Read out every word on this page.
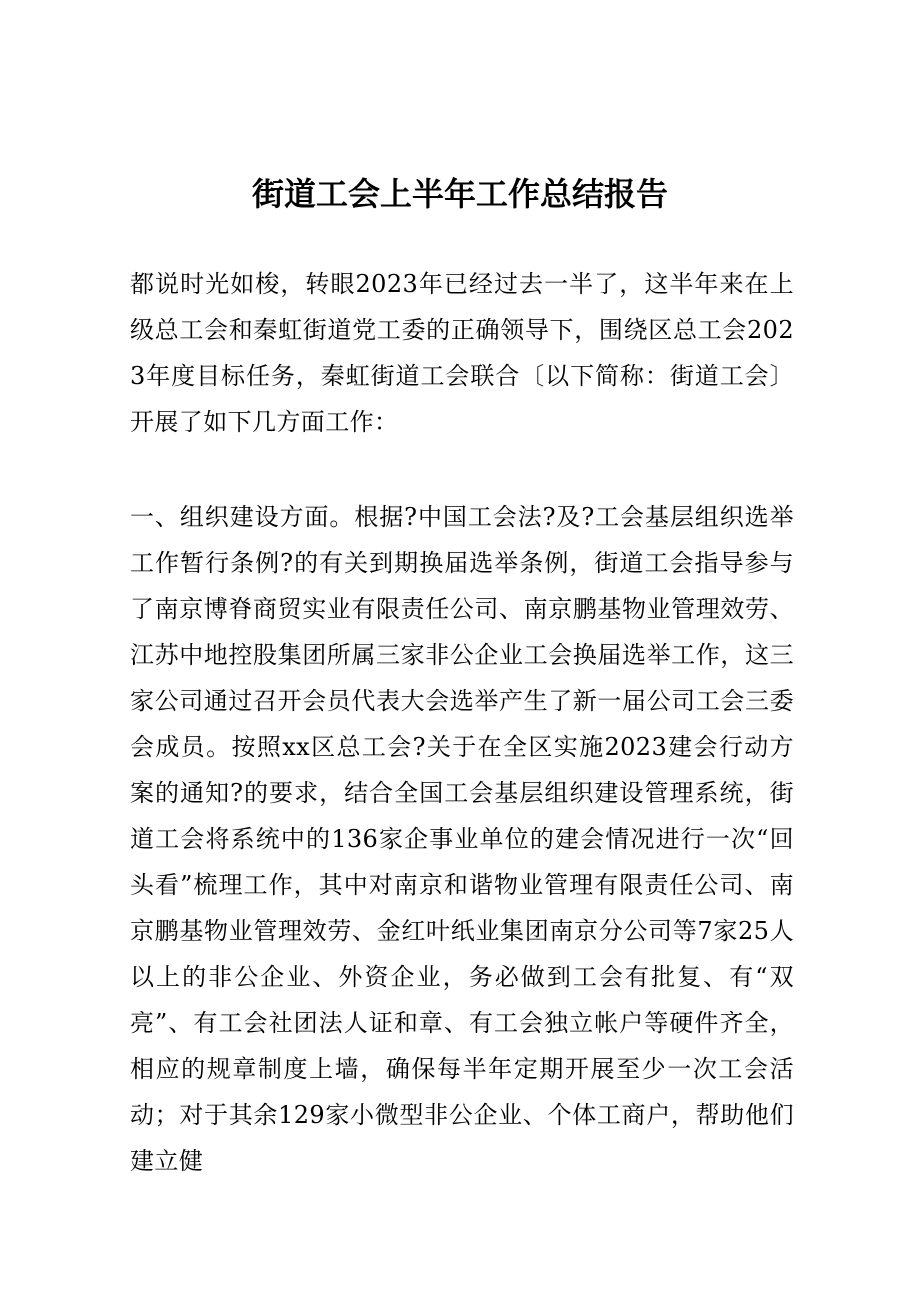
街道工会上半年工作总结报告
都说时光如梭，转眼2023年已经过去一半了，这半年来在上级总工会和秦虹街道党工委的正确领导下，围绕区总工会2023年度目标任务，秦虹街道工会联合〔以下简称：街道工会〕开展了如下几方面工作：
一、组织建设方面。根据?中国工会法?及?工会基层组织选举工作暂行条例?的有关到期换届选举条例，街道工会指导参与了南京博脊商贸实业有限责任公司、南京鹏基物业管理效劳、江苏中地控股集团所属三家非公企业工会换届选举工作，这三家公司通过召开会员代表大会选举产生了新一届公司工会三委会成员。按照xx区总工会?关于在全区实施2023建会行动方案的通知?的要求，结合全国工会基层组织建设管理系统，街道工会将系统中的136家企事业单位的建会情况进行一次“回头看”梳理工作，其中对南京和谐物业管理有限责任公司、南京鹏基物业管理效劳、金红叶纸业集团南京分公司等7家25人以上的非公企业、外资企业，务必做到工会有批复、有“双亮”、有工会社团法人证和章、有工会独立帐户等硬件齐全，相应的规章制度上墙，确保每半年定期开展至少一次工会活动；对于其余129家小微型非公企业、个体工商户，帮助他们建立健
